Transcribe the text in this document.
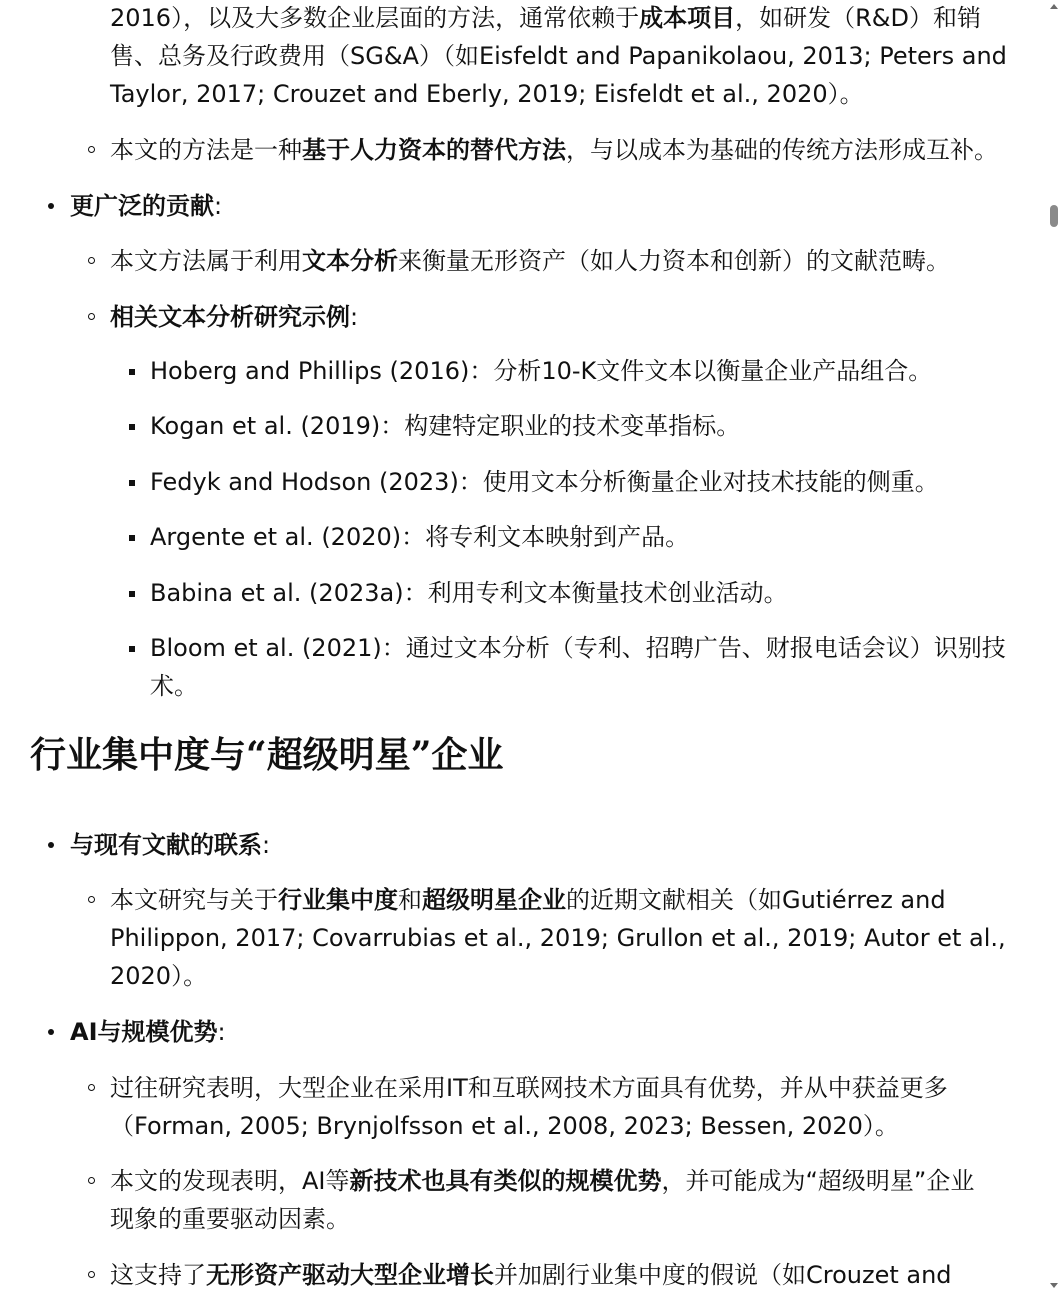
2016），以及大多数企业层面的方法，通常依赖于成本项目，如研发（R&D）和销

售、总务及行政费用（SG&A）（如Eisfeldt and Papanikolaou, 2013; Peters and

Taylor, 2017; Crouzet and Eberly, 2019; Eisfeldt et al., 2020）。

本文的方法是一种基于人力资本的替代方法，与以成本为基础的传统方法形成互补。

更广泛的贡献:

本文方法属于利用文本分析来衡量无形资产（如人力资本和创新）的文献范畴。

相关文本分析研究示例:

Hoberg and Phillips (2016)：分析10-K文件文本以衡量企业产品组合。

Kogan et al. (2019)：构建特定职业的技术变革指标。

Fedyk and Hodson (2023)：使用文本分析衡量企业对技术技能的侧重。

Argente et al. (2020)：将专利文本映射到产品。

Babina et al. (2023a)：利用专利文本衡量技术创业活动。

Bloom et al. (2021)：通过文本分析（专利、招聘广告、财报电话会议）识别技

术。

行业集中度与“超级明星”企业

与现有文献的联系:

本文研究与关于行业集中度和超级明星企业的近期文献相关（如Gutiérrez and

Philippon, 2017; Covarrubias et al., 2019; Grullon et al., 2019; Autor et al.,

2020）。

AI与规模优势:

过往研究表明，大型企业在采用IT和互联网技术方面具有优势，并从中获益更多

（Forman, 2005; Brynjolfsson et al., 2008, 2023; Bessen, 2020）。

本文的发现表明，AI等新技术也具有类似的规模优势，并可能成为“超级明星”企业

现象的重要驱动因素。

这支持了无形资产驱动大型企业增长并加剧行业集中度的假说（如Crouzet and
